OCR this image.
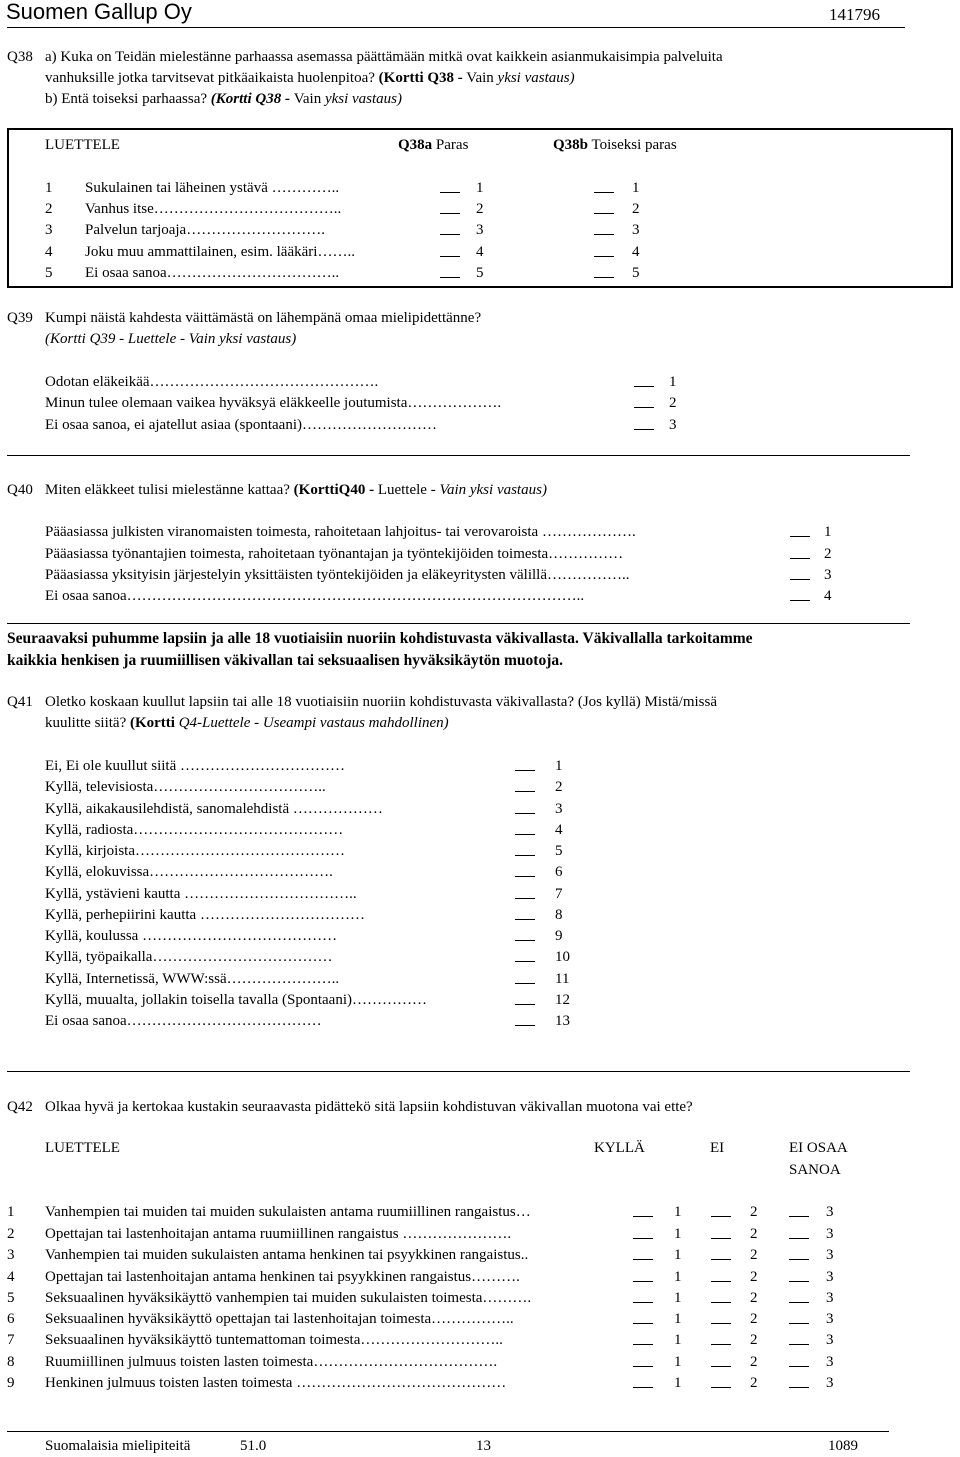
Suomen Gallup Oy	141796
Q38 a) Kuka on Teidän mielestänne parhaassa asemassa päättämään mitkä ovat kaikkein asianmukaisimpia palveluita
vanhuksille jotka tarvitsevat pitkäaikaista huolenpitoa? (Kortti Q38 - Vain yksi vastaus)
b) Entä toiseksi parhaassa? (Kortti Q38 - Vain yksi vastaus)
LUETTELE	Q38a Paras	Q38b Toiseksi paras
1 Sukulainen tai läheinen ystävä …………..	1	1
2 Vanhus itse………………………………..	2	2
3 Palvelun tarjoaja……………………….	3	3
4 Joku muu ammattilainen, esim. lääkäri……..	4	4
5 Ei osaa sanoa……………………………..	5	5
Q39 Kumpi näistä kahdesta väittämästä on lähempänä omaa mielipidettänne?
(Kortti Q39 - Luettele - Vain yksi vastaus)
Odotan eläkeikää……………………………………….	1
Minun tulee olemaan vaikea hyväksyä eläkkeelle joutumista……………….	2
Ei osaa sanoa, ei ajatellut asiaa (spontaani)………………………	3
Q40 Miten eläkkeet tulisi mielestänne kattaa? (KorttiQ40 - Luettele - Vain yksi vastaus)
Pääasiassa julkisten viranomaisten toimesta, rahoitetaan lahjoitus- tai verovaroista ……………….	1
Pääasiassa työnantajien toimesta, rahoitetaan työnantajan ja työntekijöiden toimesta……………	2
Pääasiassa yksityisin järjestelyin yksittäisten työntekijöiden ja eläkeyritysten välillä……………..	3
Ei osaa sanoa………………………………………………………………………………..	4
Seuraavaksi puhumme lapsiin ja alle 18 vuotiaisiin nuoriin kohdistuvasta väkivallasta. Väkivallalla tarkoitamme
kaikkia henkisen ja ruumiillisen väkivallan tai seksuaalisen hyväksikäytön muotoja.
Q41 Oletko koskaan kuullut lapsiin tai alle 18 vuotiaisiin nuoriin kohdistuvasta väkivallasta? (Jos kyllä) Mistä/missä
kuulitte siitä? (Kortti Q4-Luettele - Useampi vastaus mahdollinen)
Ei, Ei ole kuullut siitä ……………………………	1
Kyllä, televisiosta……………………………..	2
Kyllä, aikakausilehdistä, sanomalehdistä ………………	3
Kyllä, radiosta……………………………………	4
Kyllä, kirjoista……………………………………	5
Kyllä, elokuvissa……………………………….	6
Kyllä, ystävieni kautta ……………………………..	7
Kyllä, perhepiirini kautta ……………………………	8
Kyllä, koulussa …………………………………	9
Kyllä, työpaikalla………………………………	10
Kyllä, Internetissä, WWW:ssä…………………..	11
Kyllä, muualta, jollakin toisella tavalla (Spontaani)……………	12
Ei osaa sanoa…………………………………	13
Q42 Olkaa hyvä ja kertokaa kustakin seuraavasta pidättekö sitä lapsiin kohdistuvan väkivallan muotona vai ette?
LUETTELE	KYLLÄ	EI	EI OSAA
SANOA
1 Vanhempien tai muiden tai muiden sukulaisten antama ruumiillinen rangaistus…	1	2	3
2 Opettajan tai lastenhoitajan antama ruumiillinen rangaistus ………………….	1	2	3
3 Vanhempien tai muiden sukulaisten antama henkinen tai psyykkinen rangaistus..	1	2	3
4 Opettajan tai lastenhoitajan antama henkinen tai psyykkinen rangaistus……….	1	2	3
5 Seksuaalinen hyväksikäyttö vanhempien tai muiden sukulaisten toimesta……….	1	2	3
6 Seksuaalinen hyväksikäyttö opettajan tai lastenhoitajan toimesta……………..	1	2	3
7 Seksuaalinen hyväksikäyttö tuntemattoman toimesta………………………..	1	2	3
8 Ruumiillinen julmuus toisten lasten toimesta……………………………….	1	2	3
9 Henkinen julmuus toisten lasten toimesta ……………………………………	1	2	3
Suomalaisia mielipiteitä	51.0	13	1089
